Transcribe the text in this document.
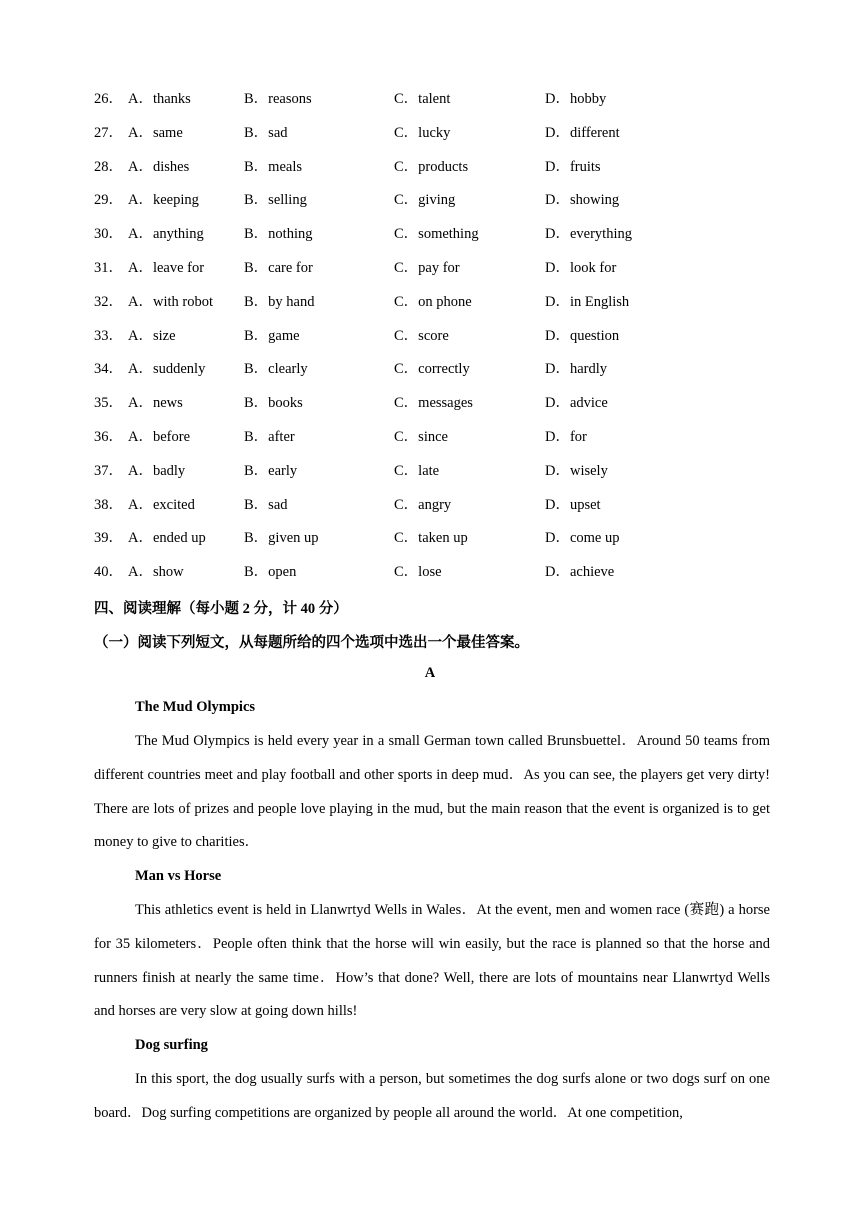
26． A．thanks	B．reasons	C．talent	D．hobby
27． A．same	B．sad	C．lucky	D．different
28． A．dishes	B．meals	C．products	D．fruits
29． A．keeping	B．selling	C．giving	D．showing
30． A．anything	B．nothing	C．something	D．everything
31． A．leave for	B．care for	C．pay for	D．look for
32． A．with robot B．by hand	C．on phone	D．in English
33． A．size	B．game	C．score	D．question
34． A．suddenly	B．clearly	C．correctly	D．hardly
35． A．news	B．books	C．messages	D．advice
36． A．before	B．after	C．since	D．for
37． A．badly	B．early	C．late	D．wisely
38． A．excited	B．sad	C．angry	D．upset
39． A．ended up	B．given up	C．taken up	D．come up
40． A．show	B．open	C．lose	D．achieve
四、阅读理解（每小题 2 分，计 40 分）
（一）阅读下列短文，从每题所给的四个选项中选出一个最佳答案。
A
The Mud Olympics

The Mud Olympics is held every year in a small German town called Brunsbuettel．Around 50 teams from different countries meet and play football and other sports in deep mud．As you can see, the players get very dirty! There are lots of prizes and people love playing in the mud, but the main reason that the event is organized is to get money to give to charities．

Man vs Horse

This athletics event is held in Llanwrtyd Wells in Wales．At the event, men and women race (赛跑) a horse for 35 kilometers．People often think that the horse will win easily, but the race is planned so that the horse and runners finish at nearly the same time．How’s that done? Well, there are lots of mountains near Llanwrtyd Wells and horses are very slow at going down hills!

Dog surfing

In this sport, the dog usually surfs with a person, but sometimes the dog surfs alone or two dogs surf on one board．Dog surfing competitions are organized by people all around the world．At one competition,
